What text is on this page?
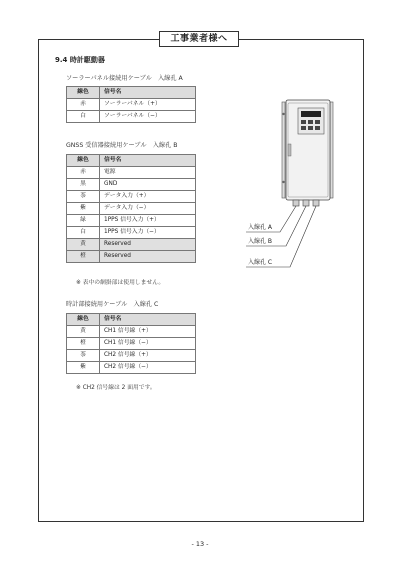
工事業者様へ
9.4 時計駆動器
ソーラーパネル接続用ケーブル　入線孔 A
線色	信号名
赤	ソーラーパネル（+）
白	ソーラーパネル（−）
GNSS 受信器接続用ケーブル　入線孔 B
線色	信号名
赤	電源
黒	GND
茶	データ入力（+）
紫	データ入力（−）
緑	1PPS 信号入力（+）
白	1PPS 信号入力（−）
黄	Reserved
橙	Reserved
※ 表中の網掛部は使用しません。
時計部接続用ケーブル　入線孔 C
線色	信号名
黄	CH1 信号線（+）
橙	CH1 信号線（−）
茶	CH2 信号線（+）
紫	CH2 信号線（−）
※ CH2 信号線は 2 面用です。
入線孔 A
入線孔 B
入線孔 C
- 13 -
